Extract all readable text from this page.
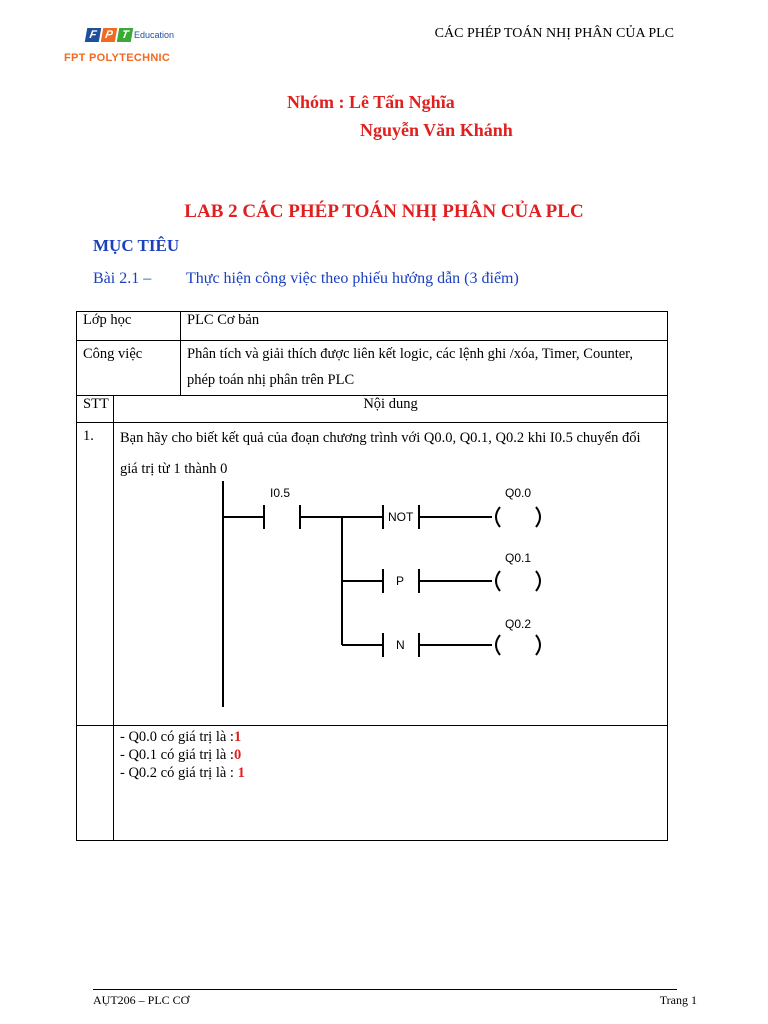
F P T Education
FPT POLYTECHNIC
CÁC PHÉP TOÁN NHỊ PHÂN CỦA PLC
Nhóm : Lê Tấn Nghĩa
Nguyễn Văn Khánh
LAB 2 CÁC PHÉP TOÁN NHỊ PHÂN CỦA PLC
MỤC TIÊU
Bài 2.1 – Thực hiện công việc theo phiếu hướng dẫn (3 điểm)
Lớp học	PLC Cơ bản
Công việc	Phân tích và giải thích được liên kết logic, các lệnh ghi /xóa, Timer, Counter, phép toán nhị phân trên PLC

STT Nội dung	

1. Bạn hãy cho biết kết quả của đoạn chương trình với Q0.0, Q0.1, Q0.2 khi I0.5 chuyển đổi giá trị từ 1 thành 0	

- Q0.0 có giá trị là :1
- Q0.1 có giá trị là :0
- Q0.2 có giá trị là : 1	
I0.5	Q0.0
Q0.1
Q0.2
NOT
P
N
AỤT206 – PLC CƠ	Trang 1
